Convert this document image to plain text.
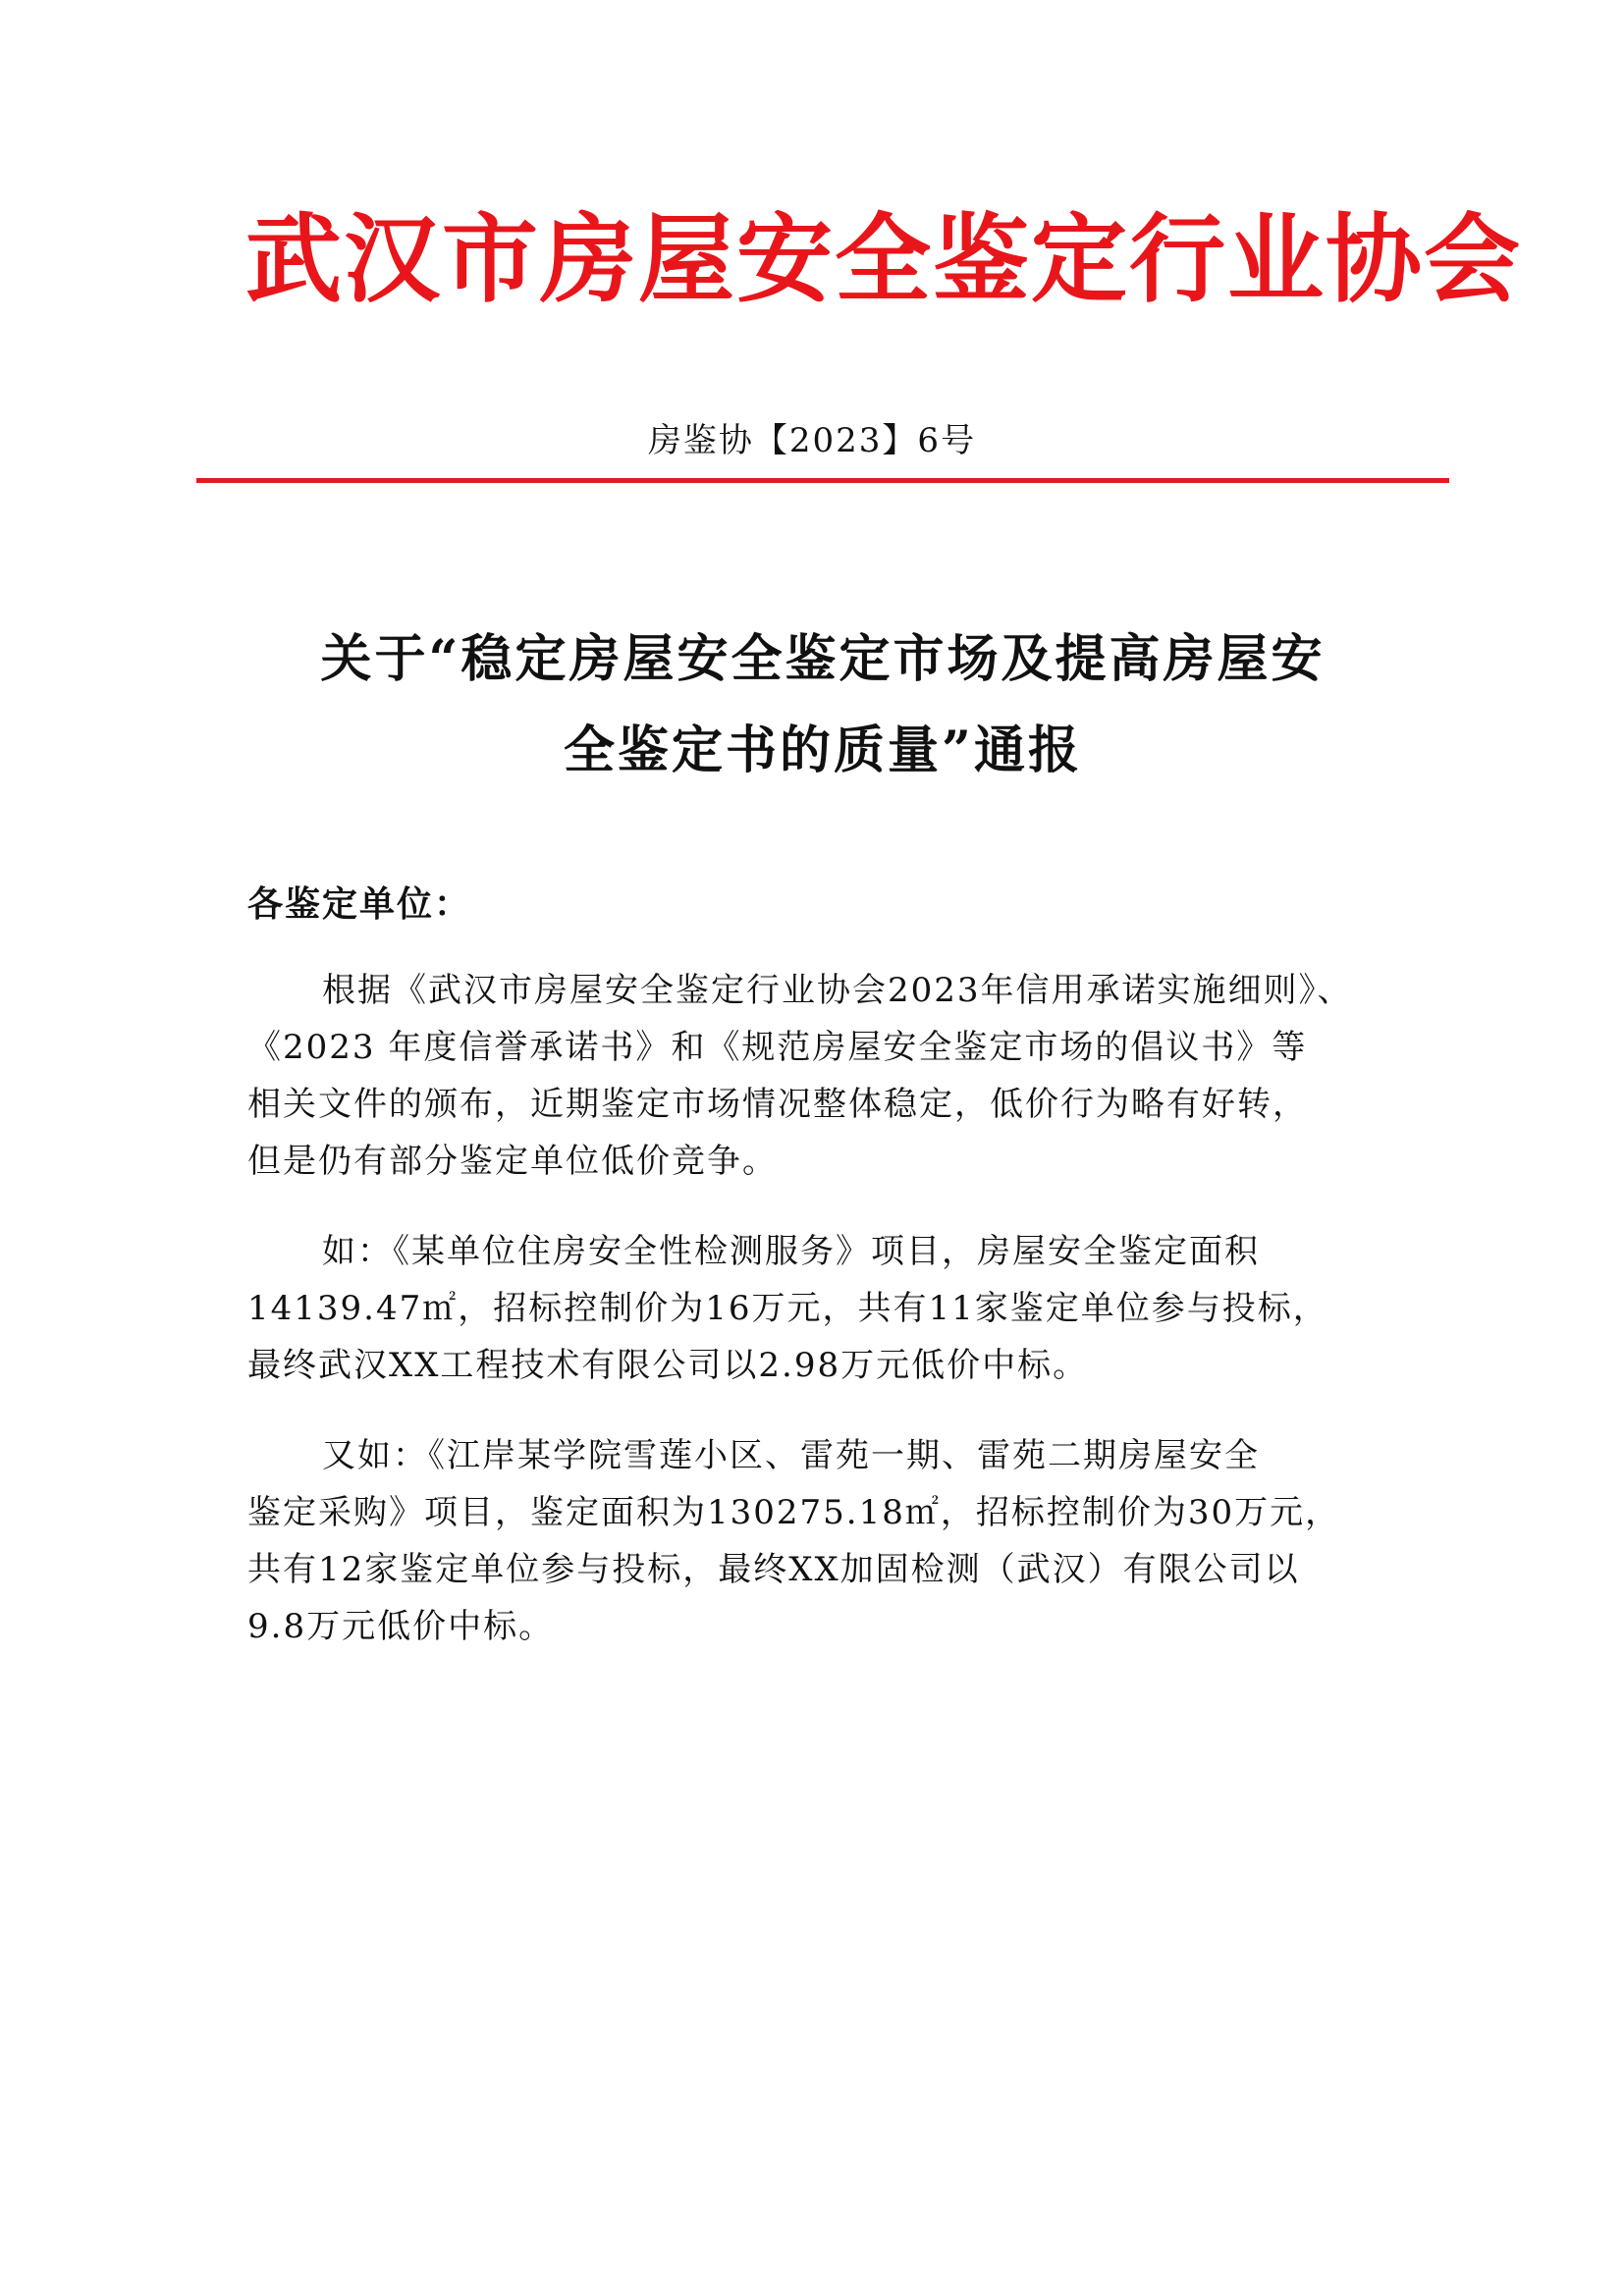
武汉市房屋安全鉴定行业协会
房鉴协【2023】6号
关于“稳定房屋安全鉴定市场及提高房屋安
全鉴定书的质量”通报
各鉴定单位：
根据《武汉市房屋安全鉴定行业协会2023年信用承诺实施细则》、
《2023 年度信誉承诺书》和《规范房屋安全鉴定市场的倡议书》等
相关文件的颁布，近期鉴定市场情况整体稳定，低价行为略有好转，
但是仍有部分鉴定单位低价竞争。
如：《某单位住房安全性检测服务》项目，房屋安全鉴定面积
14139.47㎡，招标控制价为16万元，共有11家鉴定单位参与投标，
最终武汉XX工程技术有限公司以2.98万元低价中标。
又如：《江岸某学院雪莲小区、雷苑一期、雷苑二期房屋安全
鉴定采购》项目，鉴定面积为130275.18㎡，招标控制价为30万元，
共有12家鉴定单位参与投标，最终XX加固检测（武汉）有限公司以
9.8万元低价中标。
